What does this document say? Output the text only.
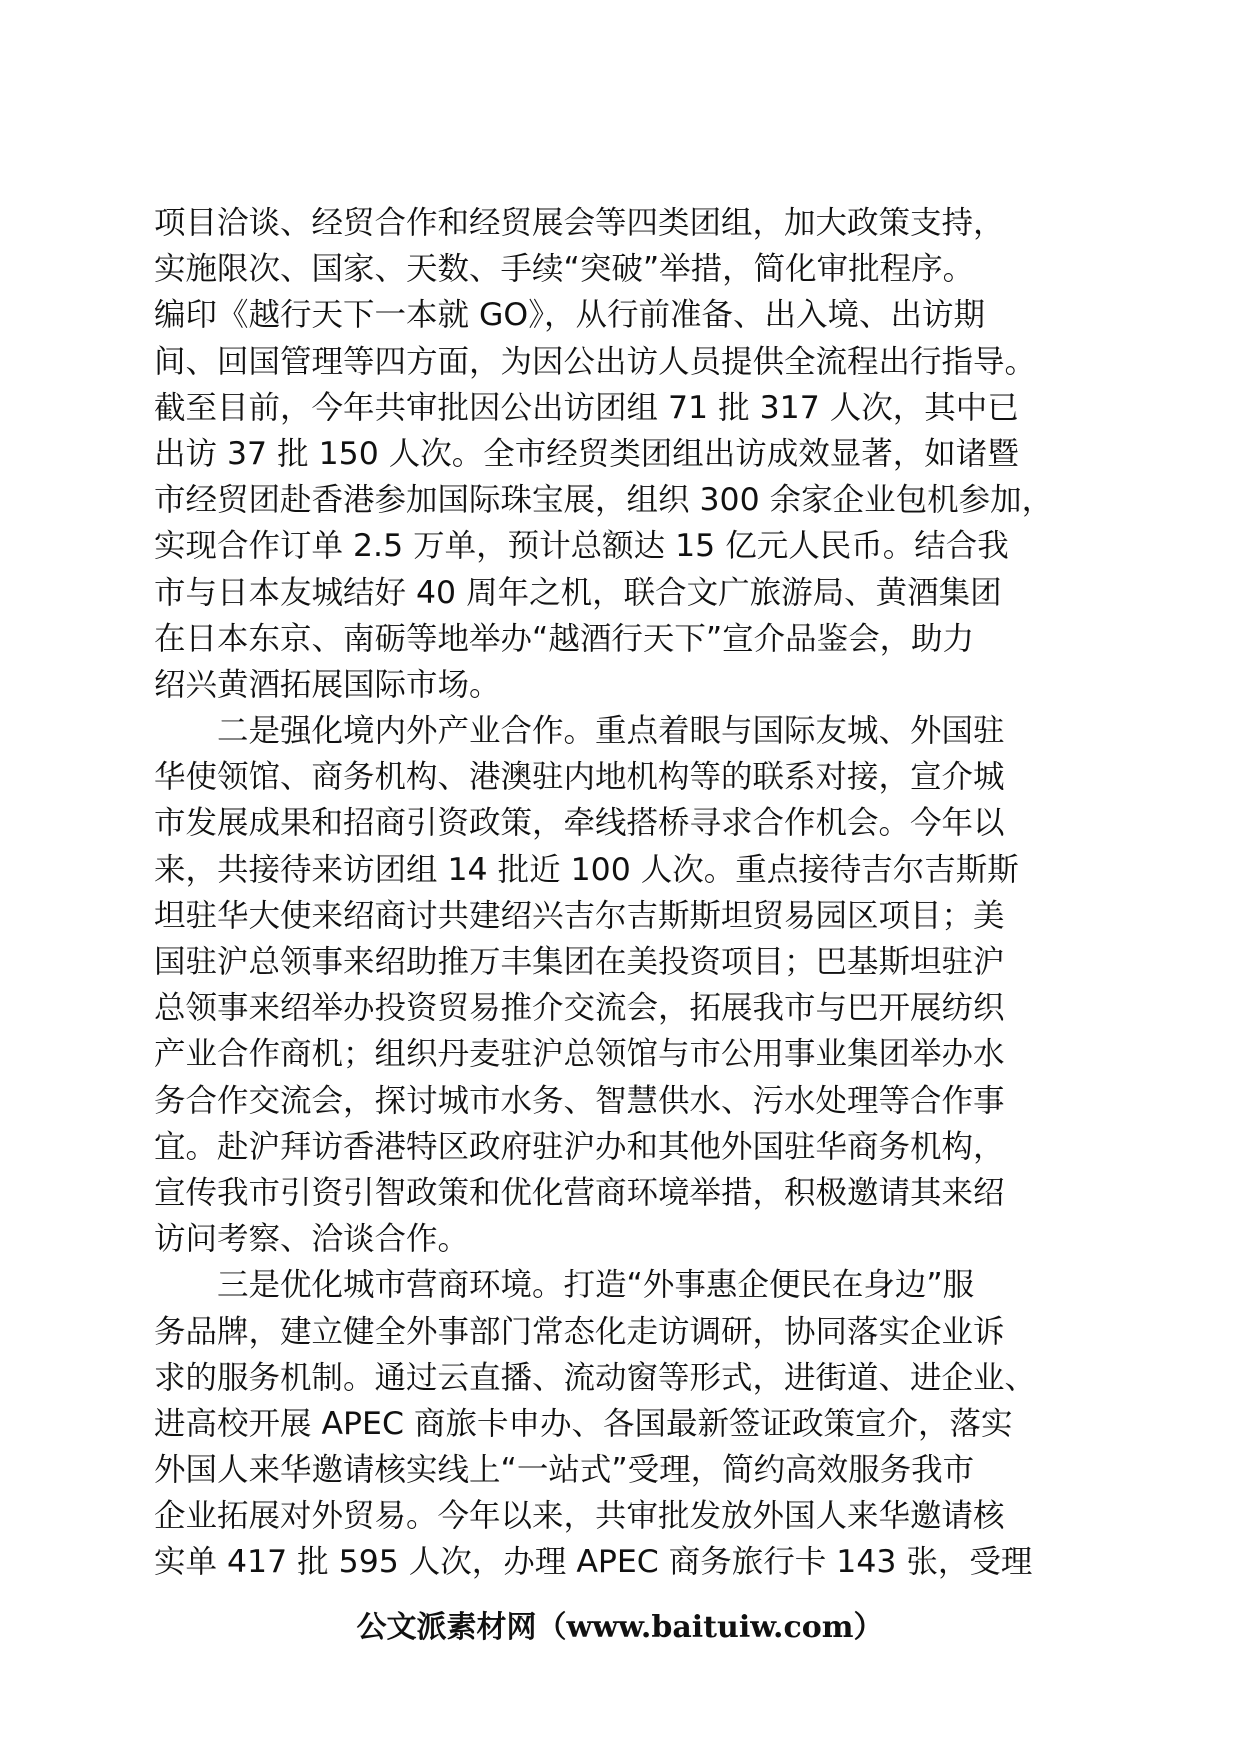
项目洽谈、经贸合作和经贸展会等四类团组，加大政策支持，
实施限次、国家、天数、手续“突破”举措，简化审批程序。
编印《越行天下一本就 GO》，从行前准备、出入境、出访期
间、回国管理等四方面，为因公出访人员提供全流程出行指导。
截至目前，今年共审批因公出访团组 71 批 317 人次，其中已
出访 37 批 150 人次。全市经贸类团组出访成效显著，如诸暨
市经贸团赴香港参加国际珠宝展，组织 300 余家企业包机参加，
实现合作订单 2.5 万单，预计总额达 15 亿元人民币。结合我
市与日本友城结好 40 周年之机，联合文广旅游局、黄酒集团
在日本东京、南砺等地举办“越酒行天下”宣介品鉴会，助力
绍兴黄酒拓展国际市场。
　　二是强化境内外产业合作。重点着眼与国际友城、外国驻
华使领馆、商务机构、港澳驻内地机构等的联系对接，宣介城
市发展成果和招商引资政策，牵线搭桥寻求合作机会。今年以
来，共接待来访团组 14 批近 100 人次。重点接待吉尔吉斯斯
坦驻华大使来绍商讨共建绍兴吉尔吉斯斯坦贸易园区项目；美
国驻沪总领事来绍助推万丰集团在美投资项目；巴基斯坦驻沪
总领事来绍举办投资贸易推介交流会，拓展我市与巴开展纺织
产业合作商机；组织丹麦驻沪总领馆与市公用事业集团举办水
务合作交流会，探讨城市水务、智慧供水、污水处理等合作事
宜。赴沪拜访香港特区政府驻沪办和其他外国驻华商务机构，
宣传我市引资引智政策和优化营商环境举措，积极邀请其来绍
访问考察、洽谈合作。
　　三是优化城市营商环境。打造“外事惠企便民在身边”服
务品牌，建立健全外事部门常态化走访调研，协同落实企业诉
求的服务机制。通过云直播、流动窗等形式，进街道、进企业、
进高校开展 APEC 商旅卡申办、各国最新签证政策宣介，落实
外国人来华邀请核实线上“一站式”受理，简约高效服务我市
企业拓展对外贸易。今年以来，共审批发放外国人来华邀请核
实单 417 批 595 人次，办理 APEC 商务旅行卡 143 张，受理
公文派素材网（www.baituiw.com）
